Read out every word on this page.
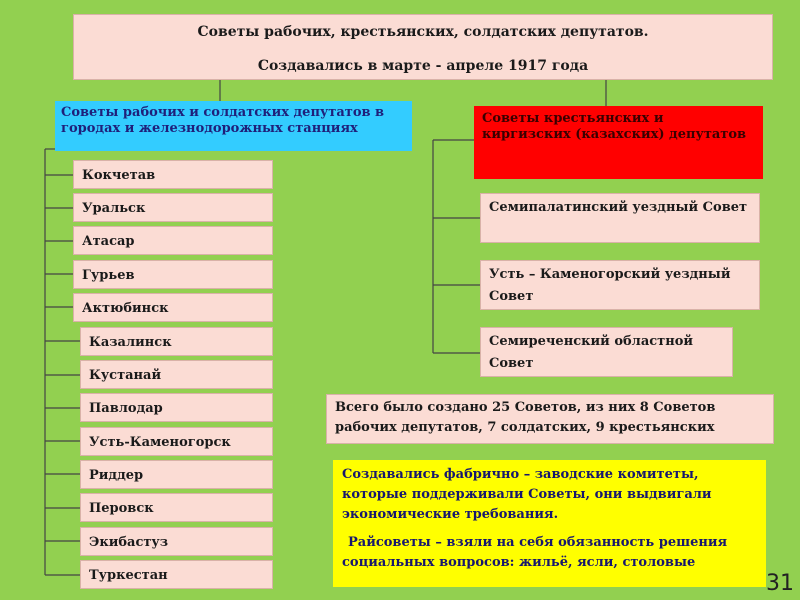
Советы рабочих, крестьянских, солдатских депутатов.
Создавались в марте - апреле 1917 года
Советы рабочих и солдатских депутатов в городах и железнодорожных станциях
Советы крестьянских и киргизских (казахских) депутатов
Кокчетав
Уральск
Атасар
Гурьев
Актюбинск
Казалинск
Кустанай
Павлодар
Усть-Каменогорск
Риддер
Перовск
Экибастуз
Туркестан
Семипалатинский уездный Совет
Усть – Каменогорский уездный Совет
Семиреченский областной Совет
Всего было создано 25 Советов, из них 8 Советов рабочих депутатов, 7 солдатских, 9 крестьянских

Создавались фабрично – заводские комитеты, которые поддерживали Советы, они выдвигали экономические требования.

Райсоветы – взяли на себя обязанность решения социальных вопросов: жильё, ясли, столовые

31
